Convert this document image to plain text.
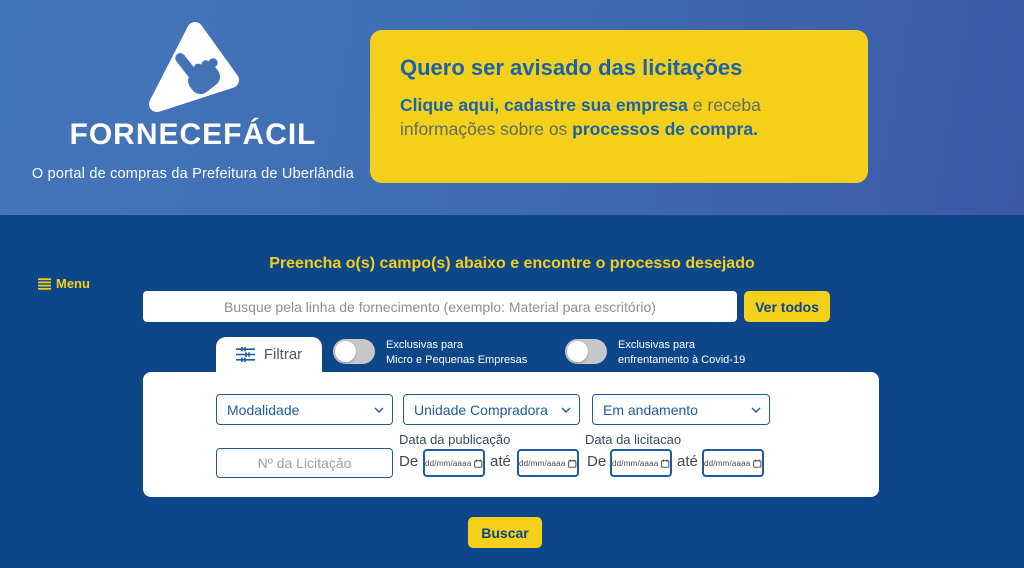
FORNECEFÁCIL
O portal de compras da Prefeitura de Uberlândia
Quero ser avisado das licitações
Clique aqui, cadastre sua empresa e receba informações sobre os processos de compra.
Preencha o(s) campo(s) abaixo e encontre o processo desejado
Menu
Busque pela linha de fornecimento (exemplo: Material para escritório)
Ver todos
Filtrar
Exclusivas para
Micro e Pequenas Empresas
Exclusivas para
enfrentamento à Covid-19
Modalidade
Unidade Compradora
Em andamento
Data da publicação	Data da licitacao
Nº da Licitação
De dd/mm/aaaa até dd/mm/aaaa De dd/mm/aaaa até dd/mm/aaaa
Buscar
